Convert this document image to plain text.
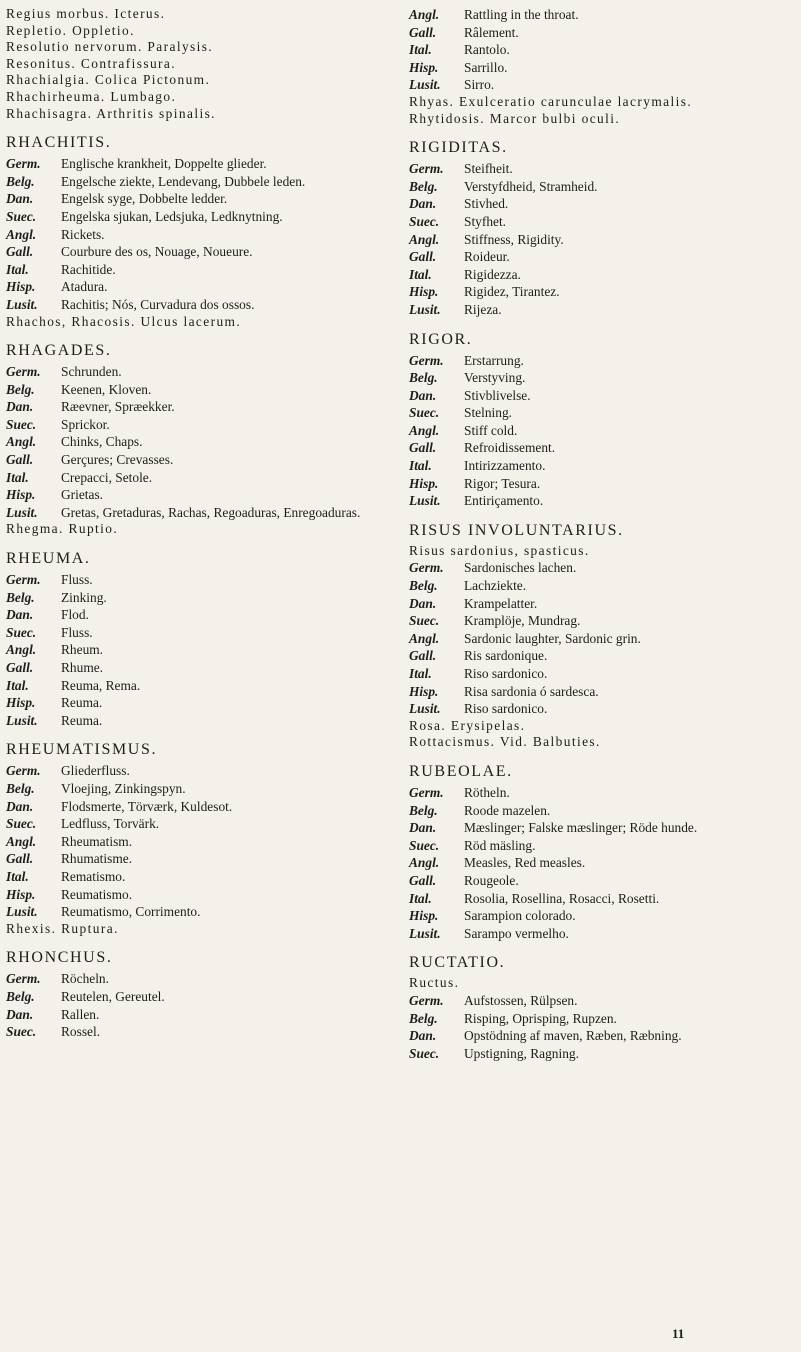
Regius morbus. Icterus.
Repletio. Oppletio.
Resolutio nervorum. Paralysis.
Resonitus. Contrafissura.
Rhachialgia. Colica Pictonum.
Rhachirheuma. Lumbago.
Rhachisagra. Arthritis spinalis.
RHACHITIS.
Germ.	Englische krankheit, Doppelte glieder.
Belg.	Engelsche ziekte, Lendevang, Dubbele leden.
Dan.	Engelsk syge, Dobbelte ledder.
Suec.	Engelska sjukan, Ledsjuka, Ledknytning.
Angl.	Rickets.
Gall.	Courbure des os, Nouage, Noueure.
Ital.	Rachitide.
Hisp.	Atadura.
Lusit.	Rachitis; Nós, Curvadura dos ossos.
Rhachos, Rhacosis. Ulcus lacerum.
RHAGADES.
Germ.	Schrunden.
Belg.	Keenen, Kloven.
Dan.	Ræevner, Spræekker.
Suec.	Sprickor.
Angl.	Chinks, Chaps.
Gall.	Gerçures; Crevasses.
Ital.	Crepacci, Setole.
Hisp.	Grietas.
Lusit.	Gretas, Gretaduras, Rachas, Regoaduras, Enregoaduras.
Rhegma. Ruptio.
RHEUMA.
Germ.	Fluss.
Belg.	Zinking.
Dan.	Flod.
Suec.	Fluss.
Angl.	Rheum.
Gall.	Rhume.
Ital.	Reuma, Rema.
Hisp.	Reuma.
Lusit.	Reuma.
RHEUMATISMUS.
Germ.	Gliederfluss.
Belg.	Vloejing, Zinkingspyn.
Dan.	Flodsmerte, Törværk, Kuldesot.
Suec.	Ledfluss, Torvärk.
Angl.	Rheumatism.
Gall.	Rhumatisme.
Ital.	Rematismo.
Hisp.	Reumatismo.
Lusit.	Reumatismo, Corrimento.
Rhexis. Ruptura.
RHONCHUS.
Germ.	Röcheln.
Belg.	Reutelen, Gereutel.
Dan.	Rallen.
Suec.	Rossel.
Angl.	Rattling in the throat.
Gall.	Râlement.
Ital.	Rantolo.
Hisp.	Sarrillo.
Lusit.	Sirro.
Rhyas. Exulceratio carunculae lacrymalis.
Rhytidosis. Marcor bulbi oculi.
RIGIDITAS.
Germ.	Steifheit.
Belg.	Verstyfdheid, Stramheid.
Dan.	Stivhed.
Suec.	Styfhet.
Angl.	Stiffness, Rigidity.
Gall.	Roideur.
Ital.	Rigidezza.
Hisp.	Rigidez, Tirantez.
Lusit.	Rijeza.
RIGOR.
Germ.	Erstarrung.
Belg.	Verstyving.
Dan.	Stivblivelse.
Suec.	Stelning.
Angl.	Stiff cold.
Gall.	Refroidissement.
Ital.	Intirizzamento.
Hisp.	Rigor; Tesura.
Lusit.	Entiriçamento.
RISUS INVOLUNTARIUS.
Risus sardonius, spasticus.
Germ.	Sardonisches lachen.
Belg.	Lachziekte.
Dan.	Krampelatter.
Suec.	Kramplöje, Mundrag.
Angl.	Sardonic laughter, Sardonic grin.
Gall.	Ris sardonique.
Ital.	Riso sardonico.
Hisp.	Risa sardonia ó sardesca.
Lusit.	Riso sardonico.
Rosa. Erysipelas.
Rottacismus. Vid. Balbuties.
RUBEOLAE.
Germ.	Rötheln.
Belg.	Roode mazelen.
Dan.	Mæslinger; Falske mæslinger; Röde hunde.
Suec.	Röd mäsling.
Angl.	Measles, Red measles.
Gall.	Rougeole.
Ital.	Rosolia, Rosellina, Rosacci, Rosetti.
Hisp.	Sarampion colorado.
Lusit.	Sarampo vermelho.
RUCTATIO.
Ructus.
Germ.	Aufstossen, Rülpsen.
Belg.	Risping, Oprisping, Rupzen.
Dan.	Opstödning af maven, Ræben, Ræbning.
Suec.	Upstigning, Ragning.
11
